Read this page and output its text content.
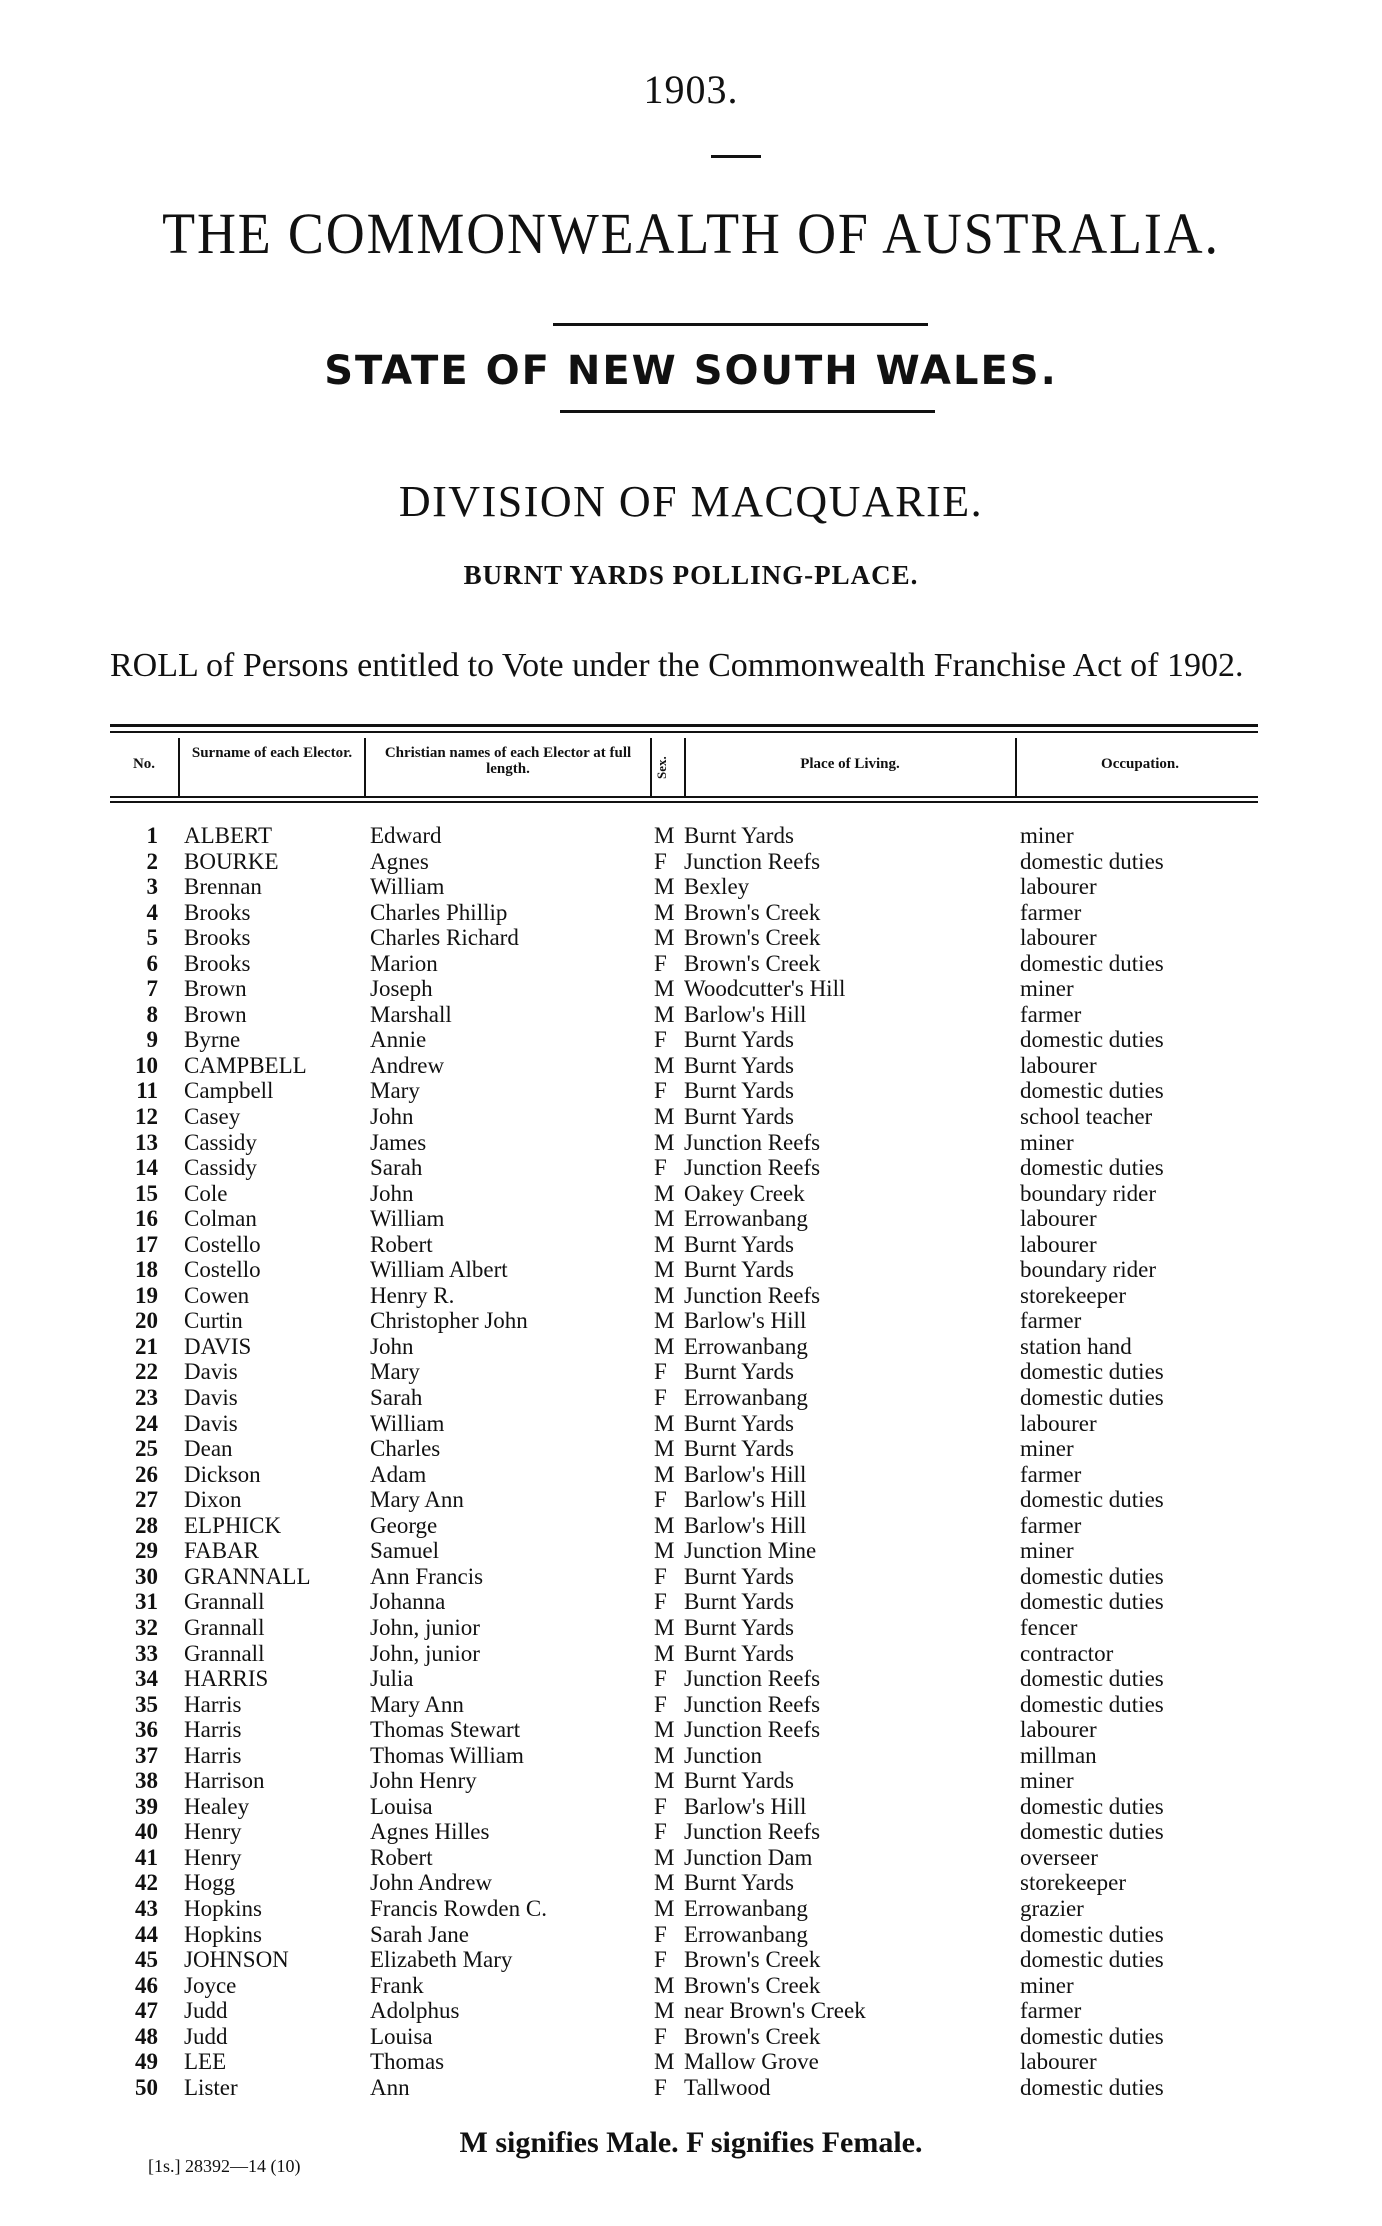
1903.
THE COMMONWEALTH OF AUSTRALIA.
STATE OF NEW SOUTH WALES.
DIVISION OF MACQUARIE.
BURNT YARDS POLLING-PLACE.
ROLL of Persons entitled to Vote under the Commonwealth Franchise Act of 1902.
No.
Surname of each Elector.	Christian names of each Elector at full length.	Sex.	Place of Living.	Occupation.
1 ALBERT	Edward	M Burnt Yards	miner
2 BOURKE	Agnes	F Junction Reefs	domestic duties
3 Brennan	William	M Bexley	labourer
4 Brooks	Charles Phillip	M Brown's Creek	farmer
5 Brooks	Charles Richard	M Brown's Creek	labourer
6 Brooks	Marion	F Brown's Creek	domestic duties
7 Brown	Joseph	M Woodcutter's Hill	miner
8 Brown	Marshall	M Barlow's Hill	farmer
9 Byrne	Annie	F Burnt Yards	domestic duties
10 CAMPBELL	Andrew	M Burnt Yards	labourer
11 Campbell	Mary	F Burnt Yards	domestic duties
12 Casey	John	M Burnt Yards	school teacher
13 Cassidy	James	M Junction Reefs	miner
14 Cassidy	Sarah	F Junction Reefs	domestic duties
15 Cole	John	M Oakey Creek	boundary rider
16 Colman	William	M Errowanbang	labourer
17 Costello	Robert	M Burnt Yards	labourer
18 Costello	William Albert	M Burnt Yards	boundary rider
19 Cowen	Henry R.	M Junction Reefs	storekeeper
20 Curtin	Christopher John	M Barlow's Hill	farmer
21 DAVIS	John	M Errowanbang	station hand
22 Davis	Mary	F Burnt Yards	domestic duties
23 Davis	Sarah	F Errowanbang	domestic duties
24 Davis	William	M Burnt Yards	labourer
25 Dean	Charles	M Burnt Yards	miner
26 Dickson	Adam	M Barlow's Hill	farmer
27 Dixon	Mary Ann	F Barlow's Hill	domestic duties
28 ELPHICK	George	M Barlow's Hill	farmer
29 FABAR	Samuel	M Junction Mine	miner
30 GRANNALL	Ann Francis	F Burnt Yards	domestic duties
31 Grannall	Johanna	F Burnt Yards	domestic duties
32 Grannall	John, junior	M Burnt Yards	fencer
33 Grannall	John, junior	M Burnt Yards	contractor
34 HARRIS	Julia	F Junction Reefs	domestic duties
35 Harris	Mary Ann	F Junction Reefs	domestic duties
36 Harris	Thomas Stewart	M Junction Reefs	labourer
37 Harris	Thomas William	M Junction	millman
38 Harrison	John Henry	M Burnt Yards	miner
39 Healey	Louisa	F Barlow's Hill	domestic duties
40 Henry	Agnes Hilles	F Junction Reefs	domestic duties
41 Henry	Robert	M Junction Dam	overseer
42 Hogg	John Andrew	M Burnt Yards	storekeeper
43 Hopkins	Francis Rowden C.	M Errowanbang	grazier
44 Hopkins	Sarah Jane	F Errowanbang	domestic duties
45 JOHNSON	Elizabeth Mary	F Brown's Creek	domestic duties
46 Joyce	Frank	M Brown's Creek	miner
47 Judd	Adolphus	M near Brown's Creek	farmer
48 Judd	Louisa	F Brown's Creek	domestic duties
49 LEE	Thomas	M Mallow Grove	labourer
50 Lister	Ann	F Tallwood	domestic duties
M signifies Male. F signifies Female.
[1s.] 28392—14 (10)
